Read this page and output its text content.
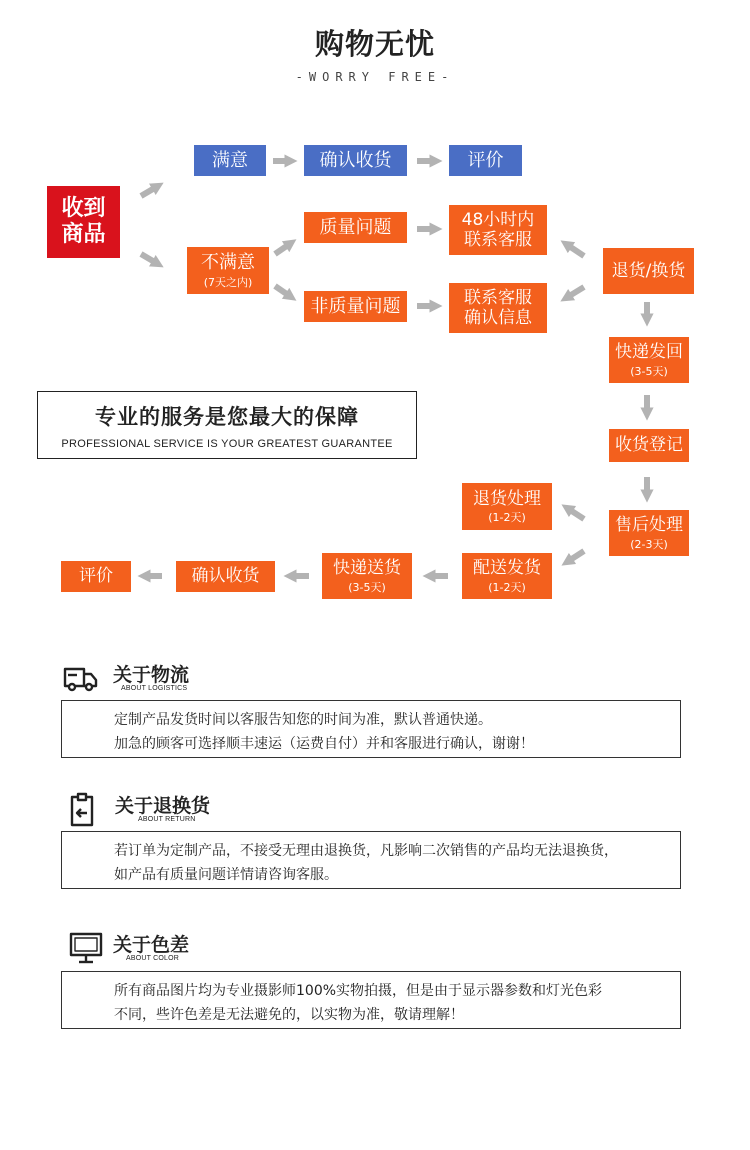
购物无忧
-WORRY FREE-
收到
商品
满意	确认收货	评价
不满意
(7天之内)
质量问题
非质量问题
48小时内
联系客服
联系客服
确认信息
退货/换货
快递发回
(3-5天)
收货登记
售后处理
(2-3天)
退货处理
(1-2天)
配送发货
(1-2天)
快递送货
(3-5天)
确认收货
评价
专业的服务是您最大的保障
PROFESSIONAL SERVICE IS YOUR GREATEST GUARANTEE
关于物流
ABOUT LOGISTICS

定制产品发货时间以客服告知您的时间为准，默认普通快递。

加急的顾客可选择顺丰速运（运费自付）并和客服进行确认，谢谢！

关于退换货
ABOUT RETURN

若订单为定制产品，不接受无理由退换货，凡影响二次销售的产品均无法退换货，

如产品有质量问题详情请咨询客服。

关于色差
ABOUT COLOR

所有商品图片均为专业摄影师100%实物拍摄，但是由于显示器参数和灯光色彩

不同，些许色差是无法避免的，以实物为准，敬请理解！
